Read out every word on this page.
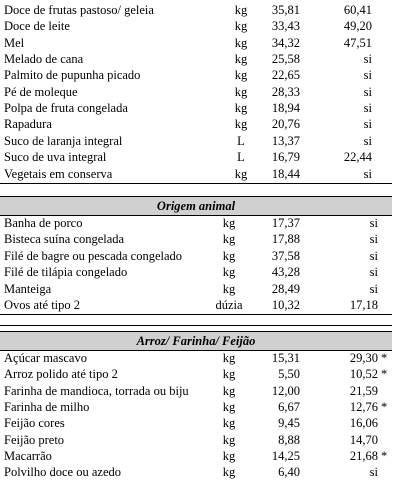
Doce de frutas pastoso/ geleia	kg	35,81	60,41
Doce de leite	kg	33,43	49,20
Mel	kg	34,32	47,51
Melado de cana	kg	25,58	si
Palmito de pupunha picado	kg	22,65	si
Pé de moleque	kg	28,33	si
Polpa de fruta congelada	kg	18,94	si
Rapadura	kg	20,76	si
Suco de laranja integral	L	13,37	si
Suco de uva integral	L	16,79	22,44
Vegetais em conserva	kg	18,44	si
Origem animal
Banha de porco	kg	17,37	si
Bisteca suína congelada	kg	17,88	si
Filé de bagre ou pescada congelado	kg	37,58	si
Filé de tilápia congelado	kg	43,28	si
Manteiga	kg	28,49	si
Ovos até tipo 2	dúzia 10,32	17,18
Arroz/ Farinha/ Feijão
Açúcar mascavo	kg	15,31	29,30 *
Arroz polido até tipo 2	kg	5,50	10,52 *
Farinha de mandioca, torrada ou biju	kg	12,00	21,59
Farinha de milho	kg	6,67	12,76 *
Feijão cores	kg	9,45	16,06
Feijão preto	kg	8,88	14,70
Macarrão	kg	14,25	21,68 *
Polvilho doce ou azedo	kg	6,40	si
